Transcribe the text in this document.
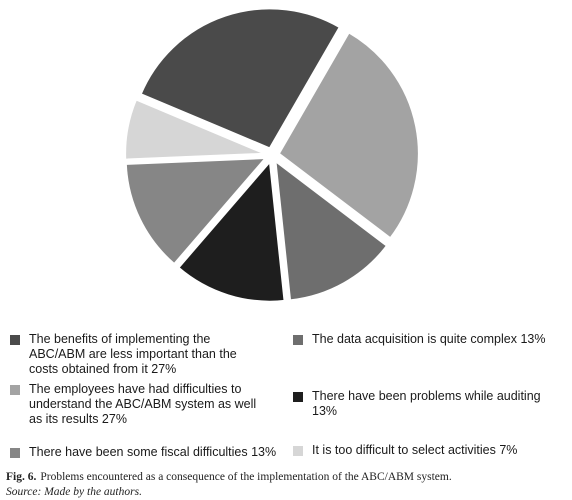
The benefits of implementing the ABC/ABM are less important than the costs obtained from it 27%
The data acquisition is quite complex 13%
The employees have had difficulties to understand the ABC/ABM system as well as its results 27%
There have been problems while auditing 13%
There have been some fiscal difficulties 13%	It is too difficult to select activities 7%
Fig. 6. Problems encountered as a consequence of the implementation of the ABC/ABM system.
Source: Made by the authors.
